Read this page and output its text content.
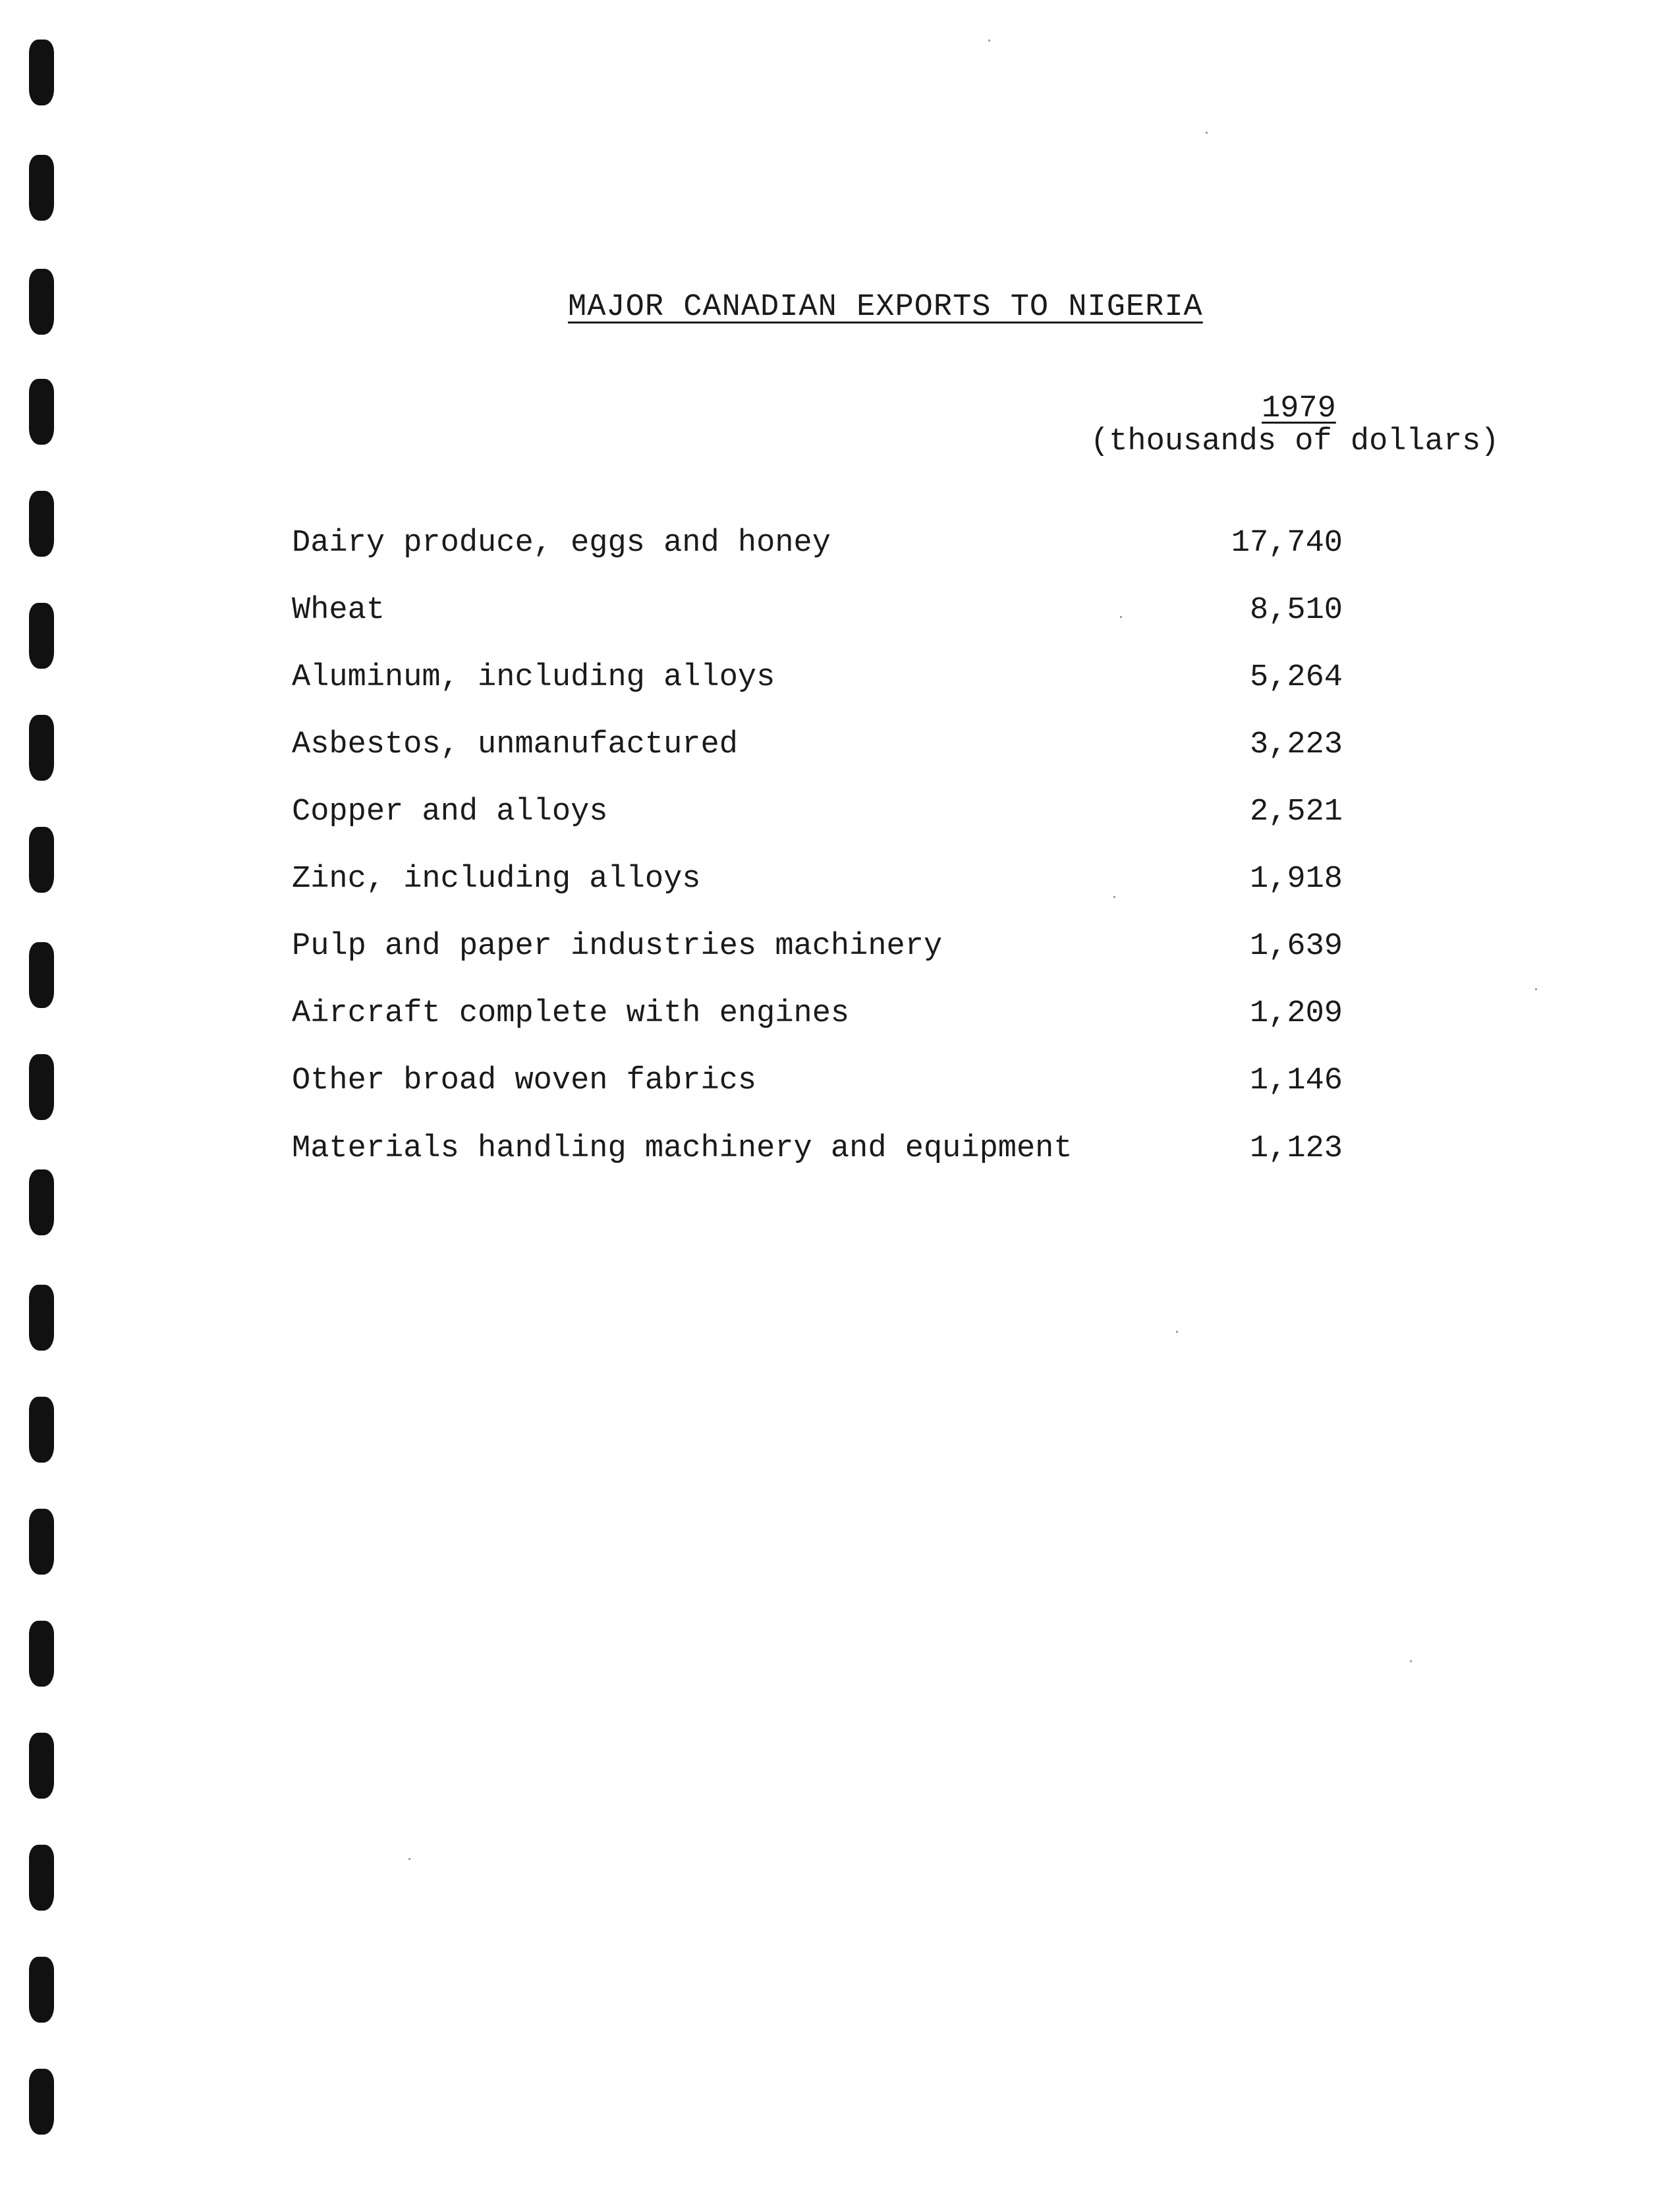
MAJOR CANADIAN EXPORTS TO NIGERIA
1979
(thousands of dollars)
Dairy produce, eggs and honey	17,740
Wheat	8,510
Aluminum, including alloys	5,264
Asbestos, unmanufactured	3,223
Copper and alloys	2,521
Zinc, including alloys	1,918
Pulp and paper industries machinery	1,639
Aircraft complete with engines	1,209
Other broad woven fabrics	1,146
Materials handling machinery and equipment	1,123
